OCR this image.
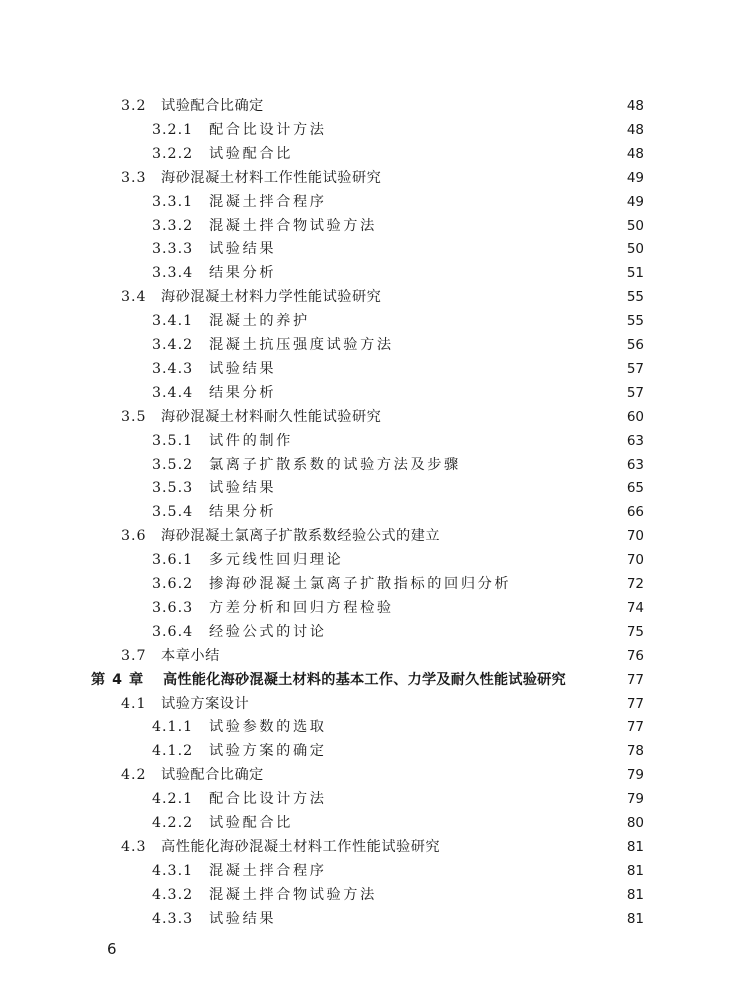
3.2	试验配合比确定	48
3.2.1	配合比设计方法	48
3.2.2	试验配合比	48
3.3	海砂混凝土材料工作性能试验研究	49
3.3.1	混凝土拌合程序	49
3.3.2	混凝土拌合物试验方法	50
3.3.3	试验结果	50
3.3.4	结果分析	51
3.4	海砂混凝土材料力学性能试验研究	55
3.4.1	混凝土的养护	55
3.4.2	混凝土抗压强度试验方法	56
3.4.3	试验结果	57
3.4.4	结果分析	57
3.5	海砂混凝土材料耐久性能试验研究	60
3.5.1	试件的制作	63
3.5.2	氯离子扩散系数的试验方法及步骤	63
3.5.3	试验结果	65
3.5.4	结果分析	66
3.6	海砂混凝土氯离子扩散系数经验公式的建立	70
3.6.1	多元线性回归理论	70
3.6.2	掺海砂混凝土氯离子扩散指标的回归分析	72
3.6.3	方差分析和回归方程检验	74
3.6.4	经验公式的讨论	75
3.7	本章小结	76
第 4 章	高性能化海砂混凝土材料的基本工作、力学及耐久性能试验研究	77
4.1	试验方案设计	77
4.1.1	试验参数的选取	77
4.1.2	试验方案的确定	78
4.2	试验配合比确定	79
4.2.1	配合比设计方法	79
4.2.2	试验配合比	80
4.3	高性能化海砂混凝土材料工作性能试验研究	81
4.3.1	混凝土拌合程序	81
4.3.2	混凝土拌合物试验方法	81
4.3.3	试验结果	81
6
